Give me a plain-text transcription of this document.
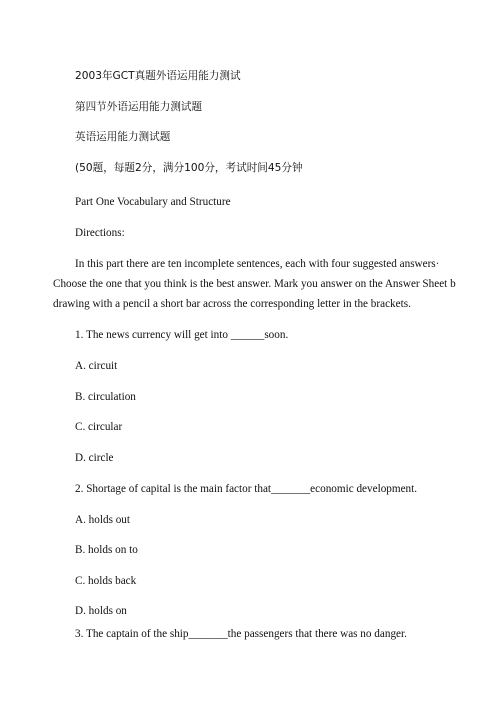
2003年GCT真题外语运用能力测试
第四节外语运用能力测试题
英语运用能力测试题
(50题，每题2分，满分100分，考试时间45分钟
Part One Vocabulary and Structure
Directions:
In this part there are ten incomplete sentences, each with four suggested answers·
Choose the one that you think is the best answer. Mark you answer on the Answer Sheet b
drawing with a pencil a short bar across the corresponding letter in the brackets.
1. The news currency will get into ______soon.
A. circuit
B. circulation
C. circular
D. circle
2. Shortage of capital is the main factor that_______economic development.
A. holds out
B. holds on to
C. holds back
D. holds on
3. The captain of the ship_______the passengers that there was no danger.
